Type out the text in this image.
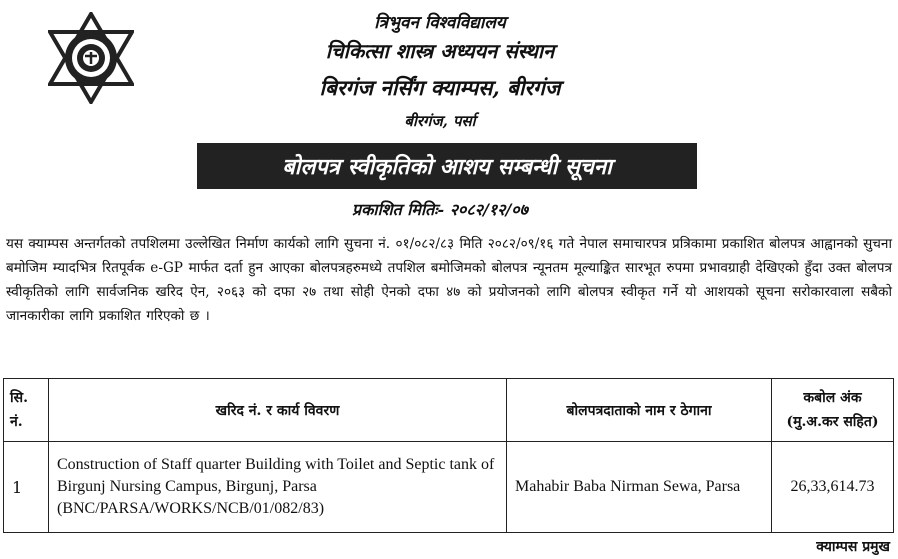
त्रिभुवन विश्वविद्यालय
चिकित्सा शास्त्र अध्ययन संस्थान
बिरगंज नर्सिंग क्याम्पस, बीरगंज
बीरगंज, पर्सा
बोलपत्र स्वीकृतिको आशय सम्बन्धी सूचना
प्रकाशित मितिः- २०८२/१२/०७
यस क्याम्पस अन्तर्गतको तपशिलमा उल्लेखित निर्माण कार्यको लागि सुचना नं. ०१/०८२/८३ मिति २०८२/०९/१६ गते नेपाल समाचारपत्र प्रत्रिकामा प्रकाशित बोलपत्र आह्वानको सुचना बमोजिम म्यादभित्र रितपूर्वक e-GP मार्फत दर्ता हुन आएका बोलपत्रहरुमध्ये तपशिल बमोजिमको बोलपत्र न्यूनतम मूल्याङ्कित सारभूत रुपमा प्रभावग्राही देखिएको हुँदा उक्त बोलपत्र स्वीकृतिको लागि सार्वजनिक खरिद ऐन, २०६३ को दफा २७ तथा सोही ऐनको दफा ४७ को प्रयोजनको लागि बोलपत्र स्वीकृत गर्ने यो आशयको सूचना सरोकारवाला सबैको जानकारीका लागि प्रकाशित गरिएको छ ।
सि. नं.	खरिद नं. र कार्य विवरण	बोलपत्रदाताको नाम र ठेगाना	कबोल अंक (मु.अ.कर सहित)
1	Construction of Staff quarter Building with Toilet and Septic tank of Birgunj Nursing Campus, Birgunj, Parsa (BNC/PARSA/WORKS/NCB/01/082/83)	Mahabir Baba Nirman Sewa, Parsa	26,33,614.73
क्याम्पस प्रमुख
